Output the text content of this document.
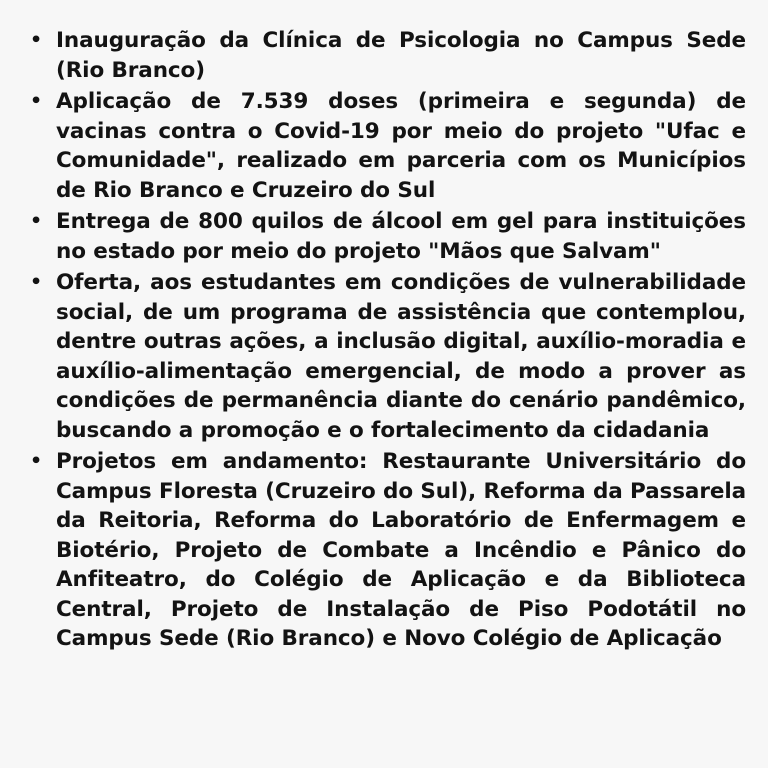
• Inauguração da Clínica de Psicologia no Campus Sede (Rio Branco)
• Aplicação de 7.539 doses (primeira e segunda) de vacinas contra o Covid-19 por meio do projeto "Ufac e Comunidade", realizado em parceria com os Municípios de Rio Branco e Cruzeiro do Sul
• Entrega de 800 quilos de álcool em gel para instituições no estado por meio do projeto "Mãos que Salvam"
• Oferta, aos estudantes em condições de vulnerabilidade social, de um programa de assistência que contemplou, dentre outras ações, a inclusão digital, auxílio-moradia e auxílio-alimentação emergencial, de modo a prover as condições de permanência diante do cenário pandêmico, buscando a promoção e o fortalecimento da cidadania
• Projetos em andamento: Restaurante Universitário do Campus Floresta (Cruzeiro do Sul), Reforma da Passarela da Reitoria, Reforma do Laboratório de Enfermagem e Biotério, Projeto de Combate a Incêndio e Pânico do Anfiteatro, do Colégio de Aplicação e da Biblioteca Central, Projeto de Instalação de Piso Podotátil no Campus Sede (Rio Branco) e Novo Colégio de Aplicação
